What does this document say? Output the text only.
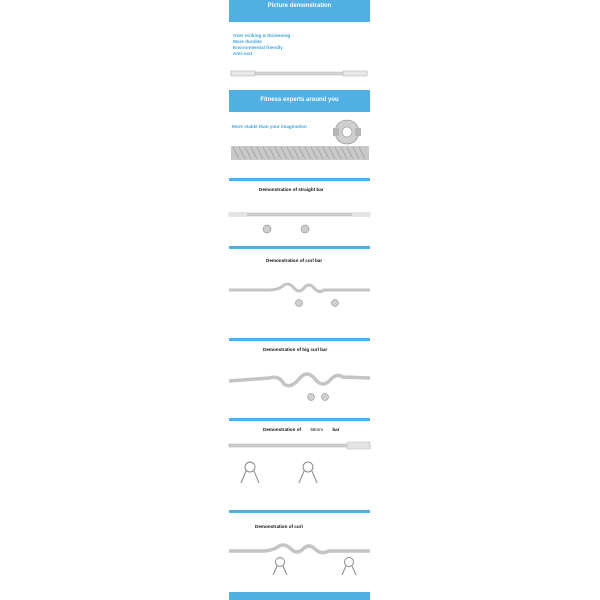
Picture demonstration
Over striking & thickening
More durable
Environmental friendly
Anti-rust
Fitness experts around you
More stable than your imagination
Demonstration of straight bar
Demonstration of curl bar
Demonstration of big curl bar
Demonstration of 55mm bar
Demonstration of curl
